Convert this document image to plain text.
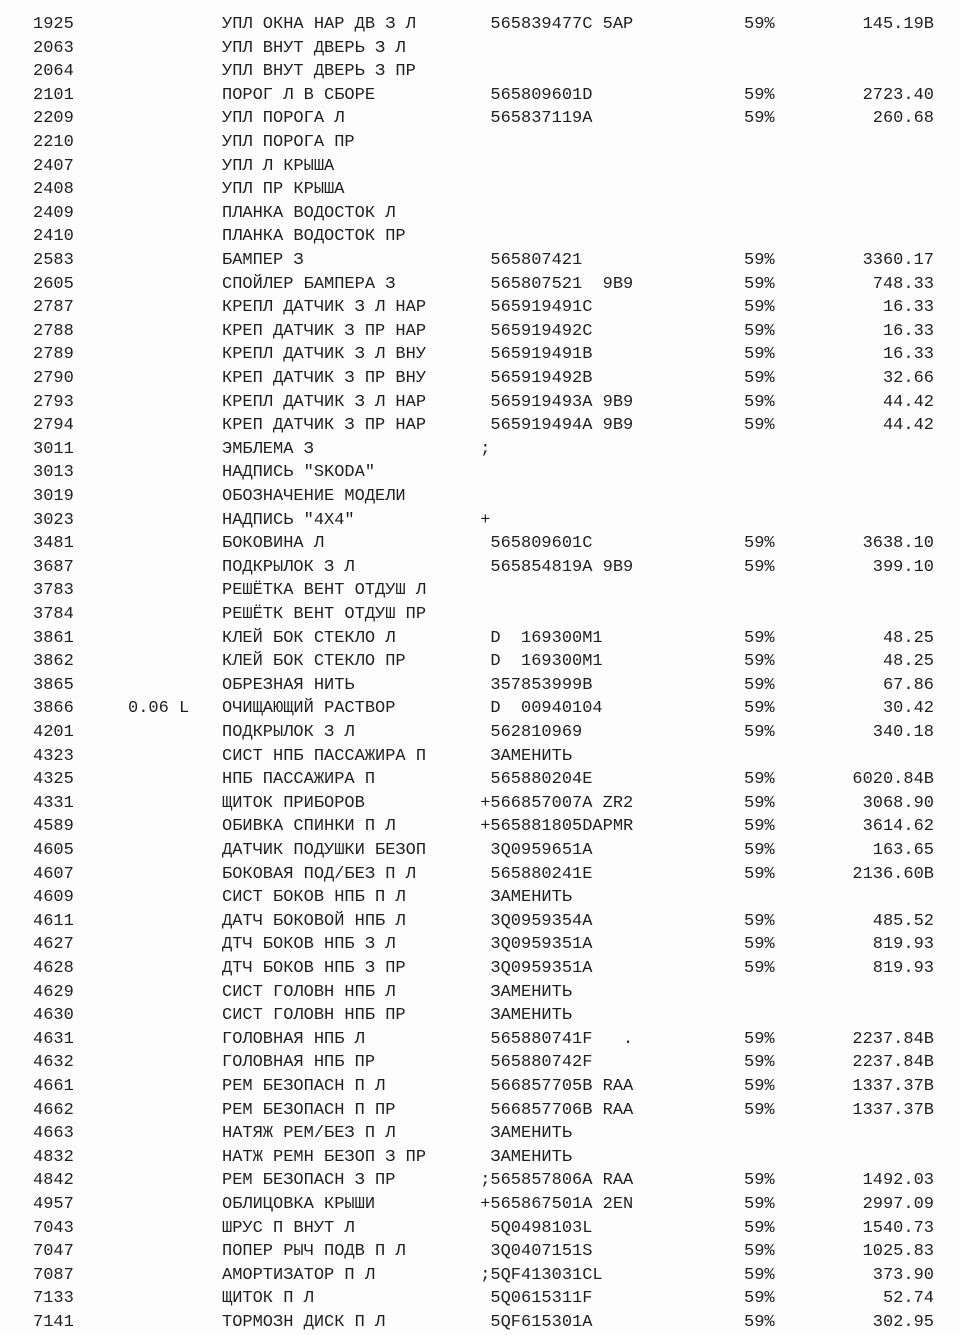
1925	УПЛ ОКНА НАР ДВ З Л	565839477C 5AP	59%	145.19B
2063	УПЛ ВНУТ ДВЕРЬ З Л
2064	УПЛ ВНУТ ДВЕРЬ З ПР
2101	ПОРОГ Л В СБОРЕ	565809601D	59%	2723.40
2209	УПЛ ПОРОГА Л	565837119A	59%	260.68
2210	УПЛ ПОРОГА ПР
2407	УПЛ Л КРЫША
2408	УПЛ ПР КРЫША
2409	ПЛАНКА ВОДОСТОК Л
2410	ПЛАНКА ВОДОСТОК ПР
2583	БАМПЕР З	565807421	59%	3360.17
2605	СПОЙЛЕР БАМПЕРА З	565807521  9B9	59%	748.33
2787	КРЕПЛ ДАТЧИК З Л НАР	565919491C	59%	16.33
2788	КРЕП ДАТЧИК З ПР НАР	565919492C	59%	16.33
2789	КРЕПЛ ДАТЧИК З Л ВНУ	565919491B	59%	16.33
2790	КРЕП ДАТЧИК З ПР ВНУ	565919492B	59%	32.66
2793	КРЕПЛ ДАТЧИК З Л НАР	565919493A 9B9	59%	44.42
2794	КРЕП ДАТЧИК З ПР НАР	565919494A 9B9	59%	44.42
3011	ЭМБЛЕМА З	;
3013	НАДПИСЬ "SKODA"
3019	ОБОЗНАЧЕНИЕ МОДЕЛИ
3023	НАДПИСЬ "4X4"	+
3481	БОКОВИНА Л	565809601C	59%	3638.10
3687	ПОДКРЫЛОК З Л	565854819A 9B9	59%	399.10
3783	РЕШЁТКА ВЕНТ ОТДУШ Л
3784	РЕШЁТК ВЕНТ ОТДУШ ПР
3861	КЛЕЙ БОК СТЕКЛО Л	D  169300M1	59%	48.25
3862	КЛЕЙ БОК СТЕКЛО ПР	D  169300M1	59%	48.25
3865	ОБРЕЗНАЯ НИТЬ	357853999B	59%	67.86
3866	0.06 L ОЧИЩАЮЩИЙ РАСТВОР	D  00940104	59%	30.42
4201	ПОДКРЫЛОК З Л	562810969	59%	340.18
4323	СИСТ НПБ ПАССАЖИРА П	ЗАМЕНИТЬ
4325	НПБ ПАССАЖИРА П	565880204E	59%	6020.84B
4331	ЩИТОК ПРИБОРОВ	+566857007A ZR2	59%	3068.90
4589	ОБИВКА СПИНКИ П Л	+565881805DAPMR	59%	3614.62
4605	ДАТЧИК ПОДУШКИ БЕЗОП	3Q0959651A	59%	163.65
4607	БОКОВАЯ ПОД/БЕЗ П Л	565880241E	59%	2136.60B
4609	СИСТ БОКОВ НПБ П Л	ЗАМЕНИТЬ
4611	ДАТЧ БОКОВОЙ НПБ Л	3Q0959354A	59%	485.52
4627	ДТЧ БОКОВ НПБ З Л	3Q0959351A	59%	819.93
4628	ДТЧ БОКОВ НПБ З ПР	3Q0959351A	59%	819.93
4629	СИСТ ГОЛОВН НПБ Л	ЗАМЕНИТЬ
4630	СИСТ ГОЛОВН НПБ ПР	ЗАМЕНИТЬ
4631	ГОЛОВНАЯ НПБ Л	565880741F   .	59%	2237.84B
4632	ГОЛОВНАЯ НПБ ПР	565880742F	59%	2237.84B
4661	РЕМ БЕЗОПАСН П Л	566857705B RAA	59%	1337.37B
4662	РЕМ БЕЗОПАСН П ПР	566857706B RAA	59%	1337.37B
4663	НАТЯЖ РЕМ/БЕЗ П Л	ЗАМЕНИТЬ
4832	НАТЖ РЕМН БЕЗОП З ПР	ЗАМЕНИТЬ
4842	РЕМ БЕЗОПАСН З ПР	;565857806A RAA	59%	1492.03
4957	ОБЛИЦОВКА КРЫШИ	+565867501A 2EN	59%	2997.09
7043	ШРУС П ВНУТ Л	5Q0498103L	59%	1540.73
7047	ПОПЕР РЫЧ ПОДВ П Л	3Q0407151S	59%	1025.83
7087	АМОРТИЗАТОР П Л	;5QF413031CL	59%	373.90
7133	ЩИТОК П Л	5Q0615311F	59%	52.74
7141	ТОРМОЗН ДИСК П Л	5QF615301A	59%	302.95
